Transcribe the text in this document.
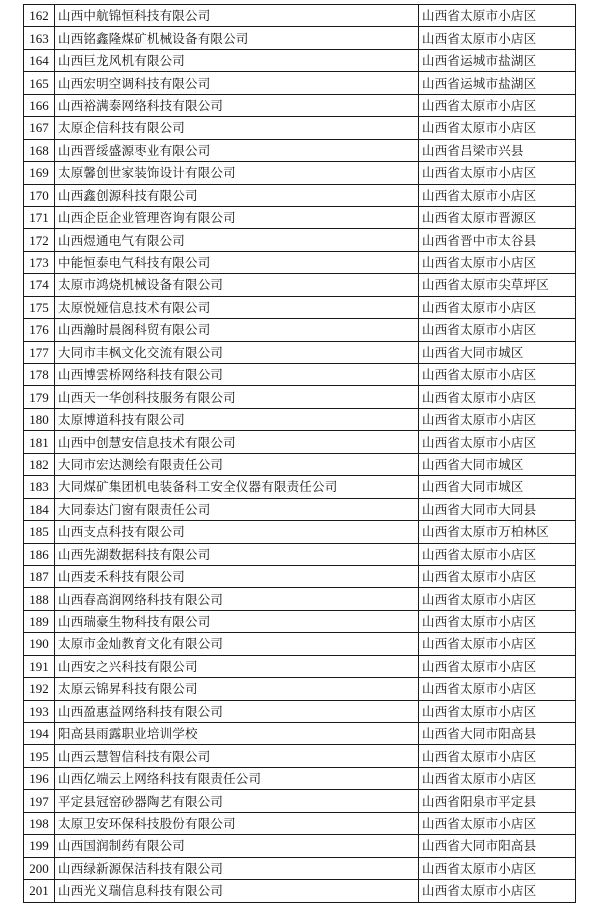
162	山西中航锦恒科技有限公司	山西省太原市小店区
163	山西铭鑫隆煤矿机械设备有限公司	山西省太原市小店区
164	山西巨龙风机有限公司	山西省运城市盐湖区
165	山西宏明空调科技有限公司	山西省运城市盐湖区
166	山西裕满泰网络科技有限公司	山西省太原市小店区
167	太原企信科技有限公司	山西省太原市小店区
168	山西晋绥盛源枣业有限公司	山西省吕梁市兴县
169	太原馨创世家装饰设计有限公司	山西省太原市小店区
170	山西鑫创源科技有限公司	山西省太原市小店区
171	山西企臣企业管理咨询有限公司	山西省太原市晋源区
172	山西煜通电气有限公司	山西省晋中市太谷县
173	中能恒泰电气科技有限公司	山西省太原市小店区
174	太原市鸿烧机械设备有限公司	山西省太原市尖草坪区
175	太原悦娅信息技术有限公司	山西省太原市小店区
176	山西瀚时晨阁科贸有限公司	山西省太原市小店区
177	大同市丰枫文化交流有限公司	山西省大同市城区
178	山西博雲桥网络科技有限公司	山西省太原市小店区
179	山西天一华创科技服务有限公司	山西省太原市小店区
180	太原博道科技有限公司	山西省太原市小店区
181	山西中创慧安信息技术有限公司	山西省太原市小店区
182	大同市宏达测绘有限责任公司	山西省大同市城区
183	大同煤矿集团机电装备科工安全仪器有限责任公司	山西省大同市城区
184	大同泰达门窗有限责任公司	山西省大同市大同县
185	山西支点科技有限公司	山西省太原市万柏林区
186	山西先湖数据科技有限公司	山西省太原市小店区
187	山西麦禾科技有限公司	山西省太原市小店区
188	山西春高润网络科技有限公司	山西省太原市小店区
189	山西瑞豪生物科技有限公司	山西省太原市小店区
190	太原市金灿教育文化有限公司	山西省太原市小店区
191	山西安之兴科技有限公司	山西省太原市小店区
192	太原云锦昇科技有限公司	山西省太原市小店区
193	山西盈惠益网络科技有限公司	山西省太原市小店区
194	阳高县雨露职业培训学校	山西省大同市阳高县
195	山西云慧智信科技有限公司	山西省太原市小店区
196	山西亿端云上网络科技有限责任公司	山西省太原市小店区
197	平定县冠窑砂器陶艺有限公司	山西省阳泉市平定县
198	太原卫安环保科技股份有限公司	山西省太原市小店区
199	山西国润制药有限公司	山西省大同市阳高县
200	山西绿新源保洁科技有限公司	山西省太原市小店区
201	山西光义瑞信息科技有限公司	山西省太原市小店区
